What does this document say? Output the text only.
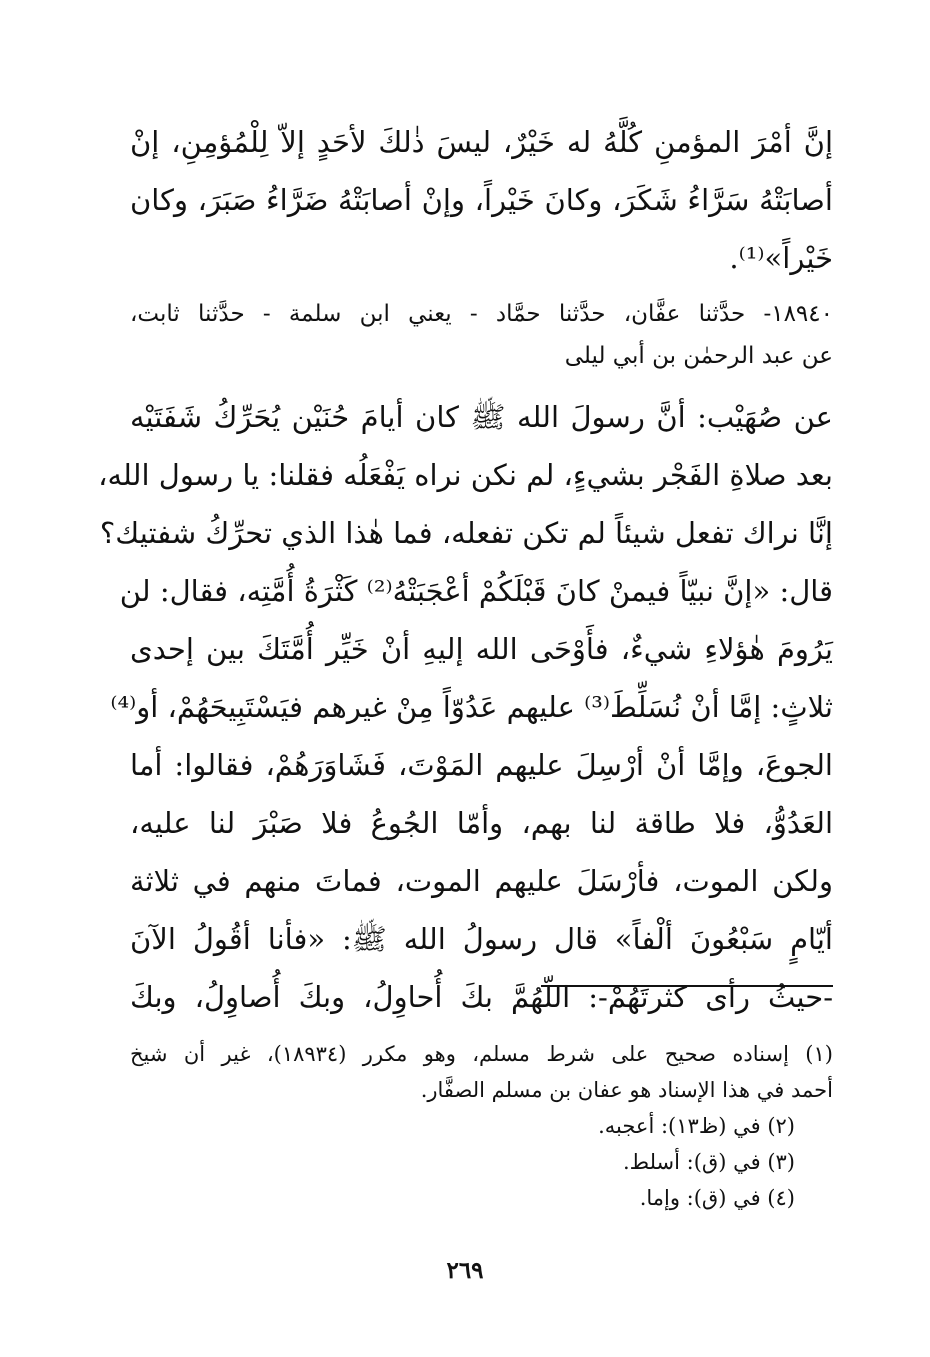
إنَّ أمْرَ المؤمنِ كُلَّهُ له خَيْرٌ، ليسَ ذٰلكَ لأحَدٍ إلاّ لِلْمُؤمِنِ، إنْ
أصابَتْهُ سَرَّاءُ شَكَرَ، وكانَ خَيْراً، وإنْ أصابَتْهُ ضَرَّاءُ صَبَرَ، وكان
خَيْراً»⁽¹⁾.
١٨٩٤٠- حدَّثنا عفَّان، حدَّثنا حمَّاد - يعني ابن سلمة - حدَّثنا ثابت،
عن عبد الرحمٰن بن أبي ليلى
عن صُهَيْب: أنَّ رسولَ الله ﷺ كان أيامَ حُنَيْن يُحَرِّكُ شَفَتَيْه
بعد صلاةِ الفَجْر بشيءٍ، لم نكن نراه يَفْعَلُه فقلنا: يا رسول الله،
إنَّا نراك تفعل شيئاً لم تكن تفعله، فما هٰذا الذي تحرِّكُ شفتيك؟
قال: «إنَّ نبيّاً فيمنْ كانَ قَبْلَكُمْ أعْجَبَتْهُ⁽²⁾ كَثْرَةُ أُمَّتِه، فقال: لن
يَرُومَ هٰؤلاءِ شيءٌ، فأَوْحَى الله إليهِ أنْ خَيِّر أُمَّتَكَ بين إحدى
ثلاثٍ: إمَّا أنْ نُسَلِّطَ⁽³⁾ عليهم عَدُوّاً مِنْ غيرهم فيَسْتَبِيحَهُمْ، أو⁽⁴⁾
الجوعَ، وإمَّا أنْ أرْسِلَ عليهم المَوْتَ، فَشَاوَرَهُمْ، فقالوا: أما
العَدُوُّ، فلا طاقة لنا بهم، وأمّا الجُوعُ فلا صَبْرَ لنا عليه،
ولكن الموت، فأرْسَلَ عليهم الموت، فماتَ منهم في ثلاثة
أيّامٍ سَبْعُونَ ألْفاً» قال رسولُ الله ﷺ: «فأنا أقُولُ الآنَ
-حيثُ رأى كثرتَهُمْ-: اللّهُمَّ بكَ أُحاوِلُ، وبكَ أُصاوِلُ، وبكَ
(١) إسناده صحيح على شرط مسلم، وهو مكرر (١٨٩٣٤)، غير أن شيخ
أحمد في هذا الإسناد هو عفان بن مسلم الصفَّار.
(٢) في (ظ١٣): أعجبه.
(٣) في (ق): أسلط.
(٤) في (ق): وإما.
٢٦٩
